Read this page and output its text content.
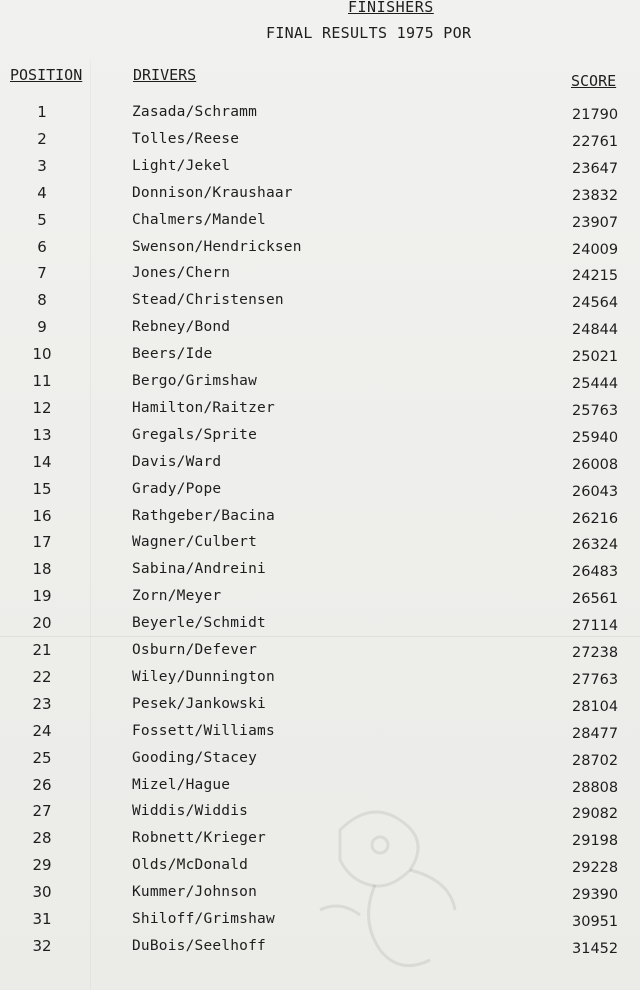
FINISHERS
FINAL RESULTS 1975 POR
POSITION	DRIVERS	SCORE
1	Zasada/Schramm	21790
2	Tolles/Reese	22761
3	Light/Jekel	23647
4	Donnison/Kraushaar	23832
5	Chalmers/Mandel	23907
6	Swenson/Hendricksen	24009
7	Jones/Chern	24215
8	Stead/Christensen	24564
9	Rebney/Bond	24844
10	Beers/Ide	25021
11	Bergo/Grimshaw	25444
12	Hamilton/Raitzer	25763
13	Gregals/Sprite	25940
14	Davis/Ward	26008
15	Grady/Pope	26043
16	Rathgeber/Bacina	26216
17	Wagner/Culbert	26324
18	Sabina/Andreini	26483
19	Zorn/Meyer	26561
20	Beyerle/Schmidt	27114
21	Osburn/Defever	27238
22	Wiley/Dunnington	27763
23	Pesek/Jankowski	28104
24	Fossett/Williams	28477
25	Gooding/Stacey	28702
26	Mizel/Hague	28808
27	Widdis/Widdis	29082
28	Robnett/Krieger	29198
29	Olds/McDonald	29228
30	Kummer/Johnson	29390
31	Shiloff/Grimshaw	30951
32	DuBois/Seelhoff	31452
